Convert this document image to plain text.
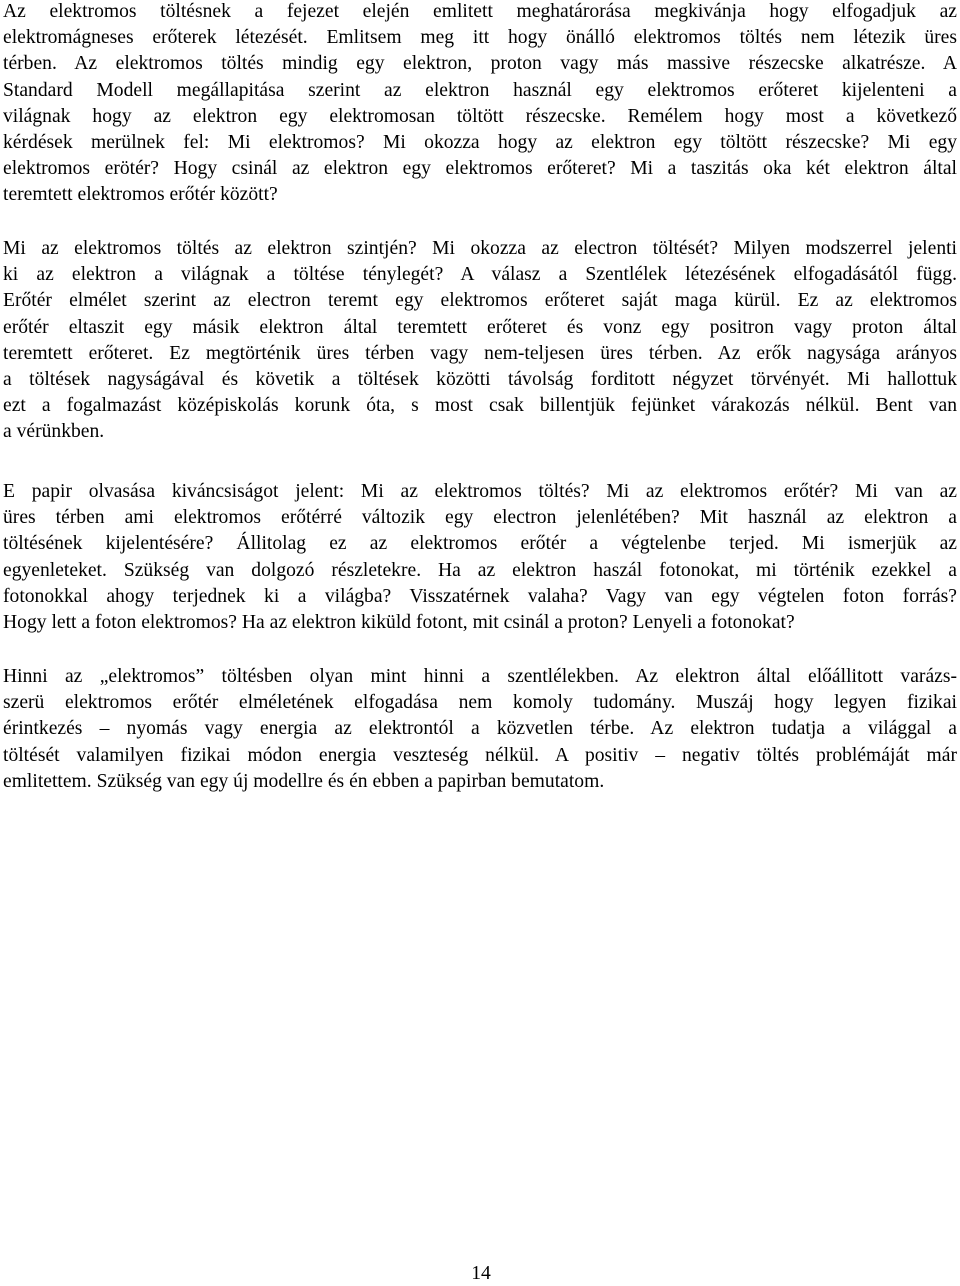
Az elektromos töltésnek a fejezet elején emlitett meghatárorása megkivánja hogy elfogadjuk az
elektromágneses erőterek létezését. Emlitsem meg itt hogy önálló elektromos töltés nem létezik üres
térben. Az elektromos töltés mindig egy elektron, proton vagy más massive részecske alkatrésze. A
Standard Modell megállapitása szerint az elektron használ egy elektromos erőteret kijelenteni a
világnak hogy az elektron egy elektromosan töltött részecske. Remélem hogy most a következő
kérdések merülnek fel: Mi elektromos? Mi okozza hogy az elektron egy töltött részecske? Mi egy
elektromos erötér? Hogy csinál az elektron egy elektromos erőteret? Mi a taszitás oka két elektron által
teremtett elektromos erőtér között?
Mi az elektromos töltés az elektron szintjén? Mi okozza az electron töltését? Milyen modszerrel jelenti
ki az elektron a világnak a töltése ténylegét? A válasz a Szentlélek létezésének elfogadásától függ.
Erőtér elmélet szerint az electron teremt egy elektromos erőteret saját maga kürül. Ez az elektromos
erőtér eltaszit egy másik elektron által teremtett erőteret és vonz egy positron vagy proton által
teremtett erőteret. Ez megtörténik üres térben vagy nem-teljesen üres térben. Az erők nagysága arányos
a töltések nagyságával és követik a töltések közötti távolság forditott négyzet törvényét. Mi hallottuk
ezt a fogalmazást középiskolás korunk óta, s most csak billentjük fejünket várakozás nélkül. Bent van
a vérünkben.
E papir olvasása kiváncsiságot jelent: Mi az elektromos töltés? Mi az elektromos erőtér? Mi van az
üres térben ami elektromos erőtérré változik egy electron jelenlétében? Mit használ az elektron a
töltésének kijelentésére? Állitolag ez az elektromos erőtér a végtelenbe terjed. Mi ismerjük az
egyenleteket. Szükség van dolgozó részletekre. Ha az elektron haszál fotonokat, mi történik ezekkel a
fotonokkal ahogy terjednek ki a világba? Visszatérnek valaha? Vagy van egy végtelen foton forrás?
Hogy lett a foton elektromos? Ha az elektron kiküld fotont, mit csinál a proton? Lenyeli a fotonokat?
Hinni az „elektromos” töltésben olyan mint hinni a szentlélekben. Az elektron által előállitott varázs-
szerü elektromos erőtér elméletének elfogadása nem komoly tudomány. Muszáj hogy legyen fizikai
érintkezés – nyomás vagy energia az elektrontól a közvetlen térbe. Az elektron tudatja a világgal a
töltését valamilyen fizikai módon energia veszteség nélkül. A positiv – negativ töltés problémáját már
emlitettem. Szükség van egy új modellre és én ebben a papirban bemutatom.
14
